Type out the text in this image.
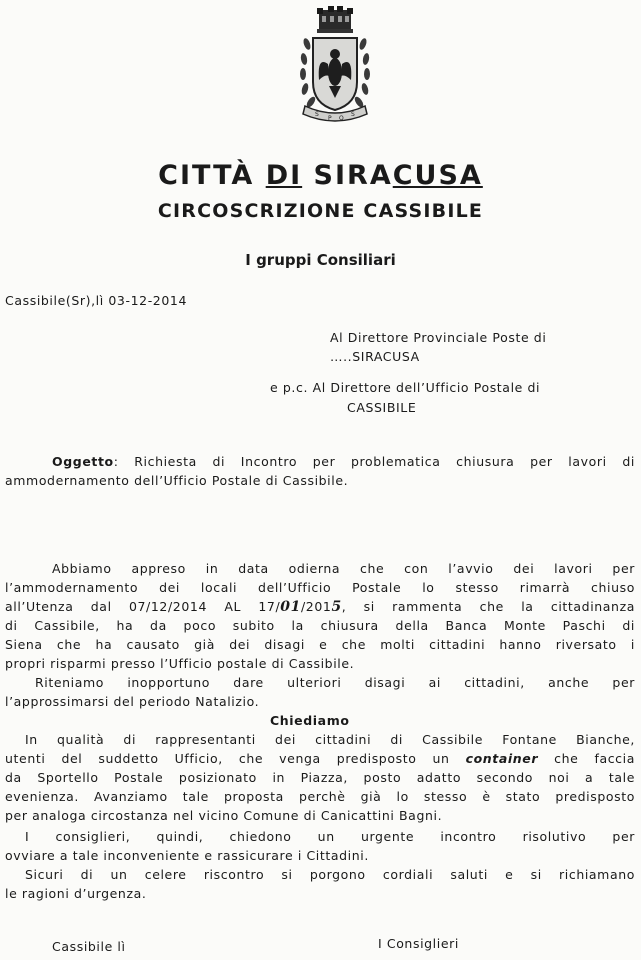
S
P Q
S
CITTÀ DI SIRACUSA
CIRCOSCRIZIONE CASSIBILE
I gruppi Consiliari
Cassibile(Sr),lì 03-12-2014
Al Direttore Provinciale Poste di
…..SIRACUSA
e p.c. Al Direttore dell’Ufficio Postale di
CASSIBILE
Oggetto: Richiesta di Incontro per problematica chiusura per lavori di
ammodernamento dell’Ufficio Postale di Cassibile.
Abbiamo appreso in data odierna che con l’avvio dei lavori per
l’ammodernamento dei locali dell’Ufficio Postale lo stesso rimarrà chiuso
all’Utenza dal 07/12/2014 AL 17/01/2015, si rammenta che la cittadinanza
di Cassibile, ha da poco subito la chiusura della Banca Monte Paschi di
Siena che ha causato già dei disagi e che molti cittadini hanno riversato i
propri risparmi presso l’Ufficio postale di Cassibile.
Riteniamo inopportuno dare ulteriori disagi ai cittadini, anche per
l’approssimarsi del periodo Natalizio.
Chiediamo
In qualità di rappresentanti dei cittadini di Cassibile Fontane Bianche,
utenti del suddetto Ufficio, che venga predisposto un container che faccia
da Sportello Postale posizionato in Piazza, posto adatto secondo noi a tale
evenienza. Avanziamo tale proposta perchè già lo stesso è stato predisposto
per analoga circostanza nel vicino Comune di Canicattini Bagni.
I consiglieri, quindi, chiedono un urgente incontro risolutivo per
ovviare a tale inconveniente e rassicurare i Cittadini.
Sicuri di un celere riscontro si porgono cordiali saluti e si richiamano
le ragioni d’urgenza.
Cassibile lì	I Consiglieri
